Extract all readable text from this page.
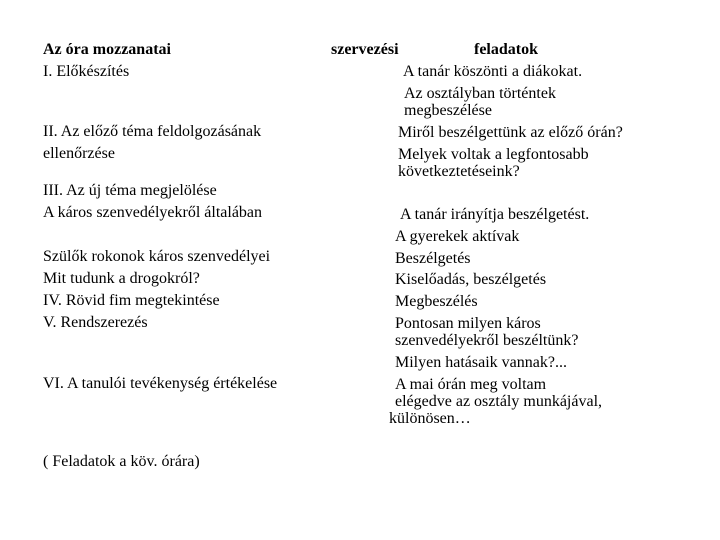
Az óra mozzanatai
I. Előkészítés
II. Az előző téma feldolgozásának
ellenőrzése
III. Az új téma megjelölése
A káros szenvedélyekről általában
Szülők rokonok káros szenvedélyei
Mit tudunk a drogokról?
IV. Rövid fim megtekintése
V. Rendszerezés
VI. A tanulói tevékenység értékelése
( Feladatok a köv. órára)
szervezési	feladatok
A tanár köszönti a diákokat.
Az osztályban történtek
megbeszélése
Miről beszélgettünk az előző órán?
Melyek voltak a legfontosabb
következtetéseink?
A tanár irányítja beszélgetést.
A gyerekek aktívak
Beszélgetés
Kiselőadás, beszélgetés
Megbeszélés
Pontosan milyen káros
szenvedélyekről beszéltünk?
Milyen hatásaik vannak?...
A mai órán meg voltam
elégedve az osztály munkájával,
különösen…
